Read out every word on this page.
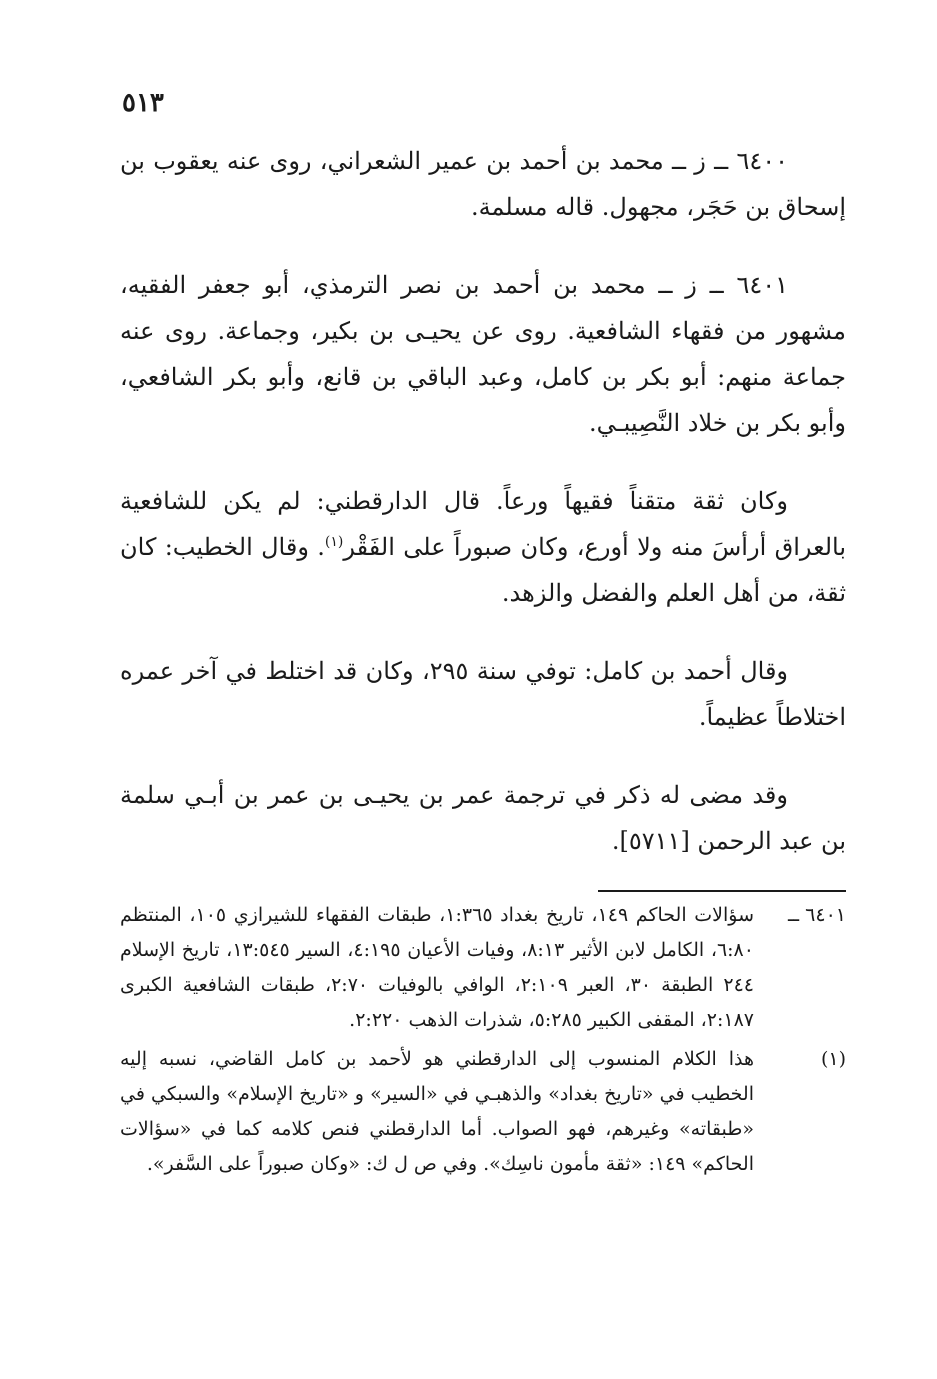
٥١٣

٦٤٠٠ ــ ز ــ محمد بن أحمد بن عمير الشعراني، روى عنه يعقوب بن إسحاق بن حَجَر، مجهول. قاله مسلمة.

٦٤٠١ ــ ز ــ محمد بن أحمد بن نصر الترمذي، أبو جعفر الفقيه، مشهور من فقهاء الشافعية. روى عن يحيـى بن بكير، وجماعة. روى عنه جماعة منهم: أبو بكر بن كامل، وعبد الباقي بن قانع، وأبو بكر الشافعي، وأبو بكر بن خلاد النَّصِيبـي.

وكان ثقة متقناً فقيهاً ورعاً. قال الدارقطني: لم يكن للشافعية بالعراق أرأسَ منه ولا أورع، وكان صبوراً على الفَقْر$^{(١)}$. وقال الخطيب: كان ثقة، من أهل العلم والفضل والزهد.

وقال أحمد بن كامل: توفي سنة ٢٩٥، وكان قد اختلط في آخر عمره اختلاطاً عظيماً.

وقد مضى له ذكر في ترجمة عمر بن يحيـى بن عمر بن أبـي سلمة بن عبد الرحمن [٥٧١١].

٦٤٠١ ــ
سؤالات الحاكم ١٤٩، تاريخ بغداد ١:٣٦٥، طبقات الفقهاء للشيرازي ١٠٥، المنتظم ٦:٨٠، الكامل لابن الأثير ٨:١٣، وفيات الأعيان ٤:١٩٥، السير ١٣:٥٤٥، تاريخ الإسلام ٢٤٤ الطبقة ٣٠، العبر ٢:١٠٩، الوافي بالوفيات ٢:٧٠، طبقات الشافعية الكبرى ٢:١٨٧، المقفى الكبير ٥:٢٨٥، شذرات الذهب ٢:٢٢٠.
(١)
هذا الكلام المنسوب إلى الدارقطني هو لأحمد بن كامل القاضي، نسبه إليه الخطيب في «تاريخ بغداد» والذهبـي في «السير» و «تاريخ الإسلام» والسبكي في «طبقاته» وغيرهم، فهو الصواب. أما الدارقطني فنص كلامه كما في «سؤالات الحاكم» ١٤٩: «ثقة مأمون ناسِك». وفي ص ل ك: «وكان صبوراً على السَّفر».
